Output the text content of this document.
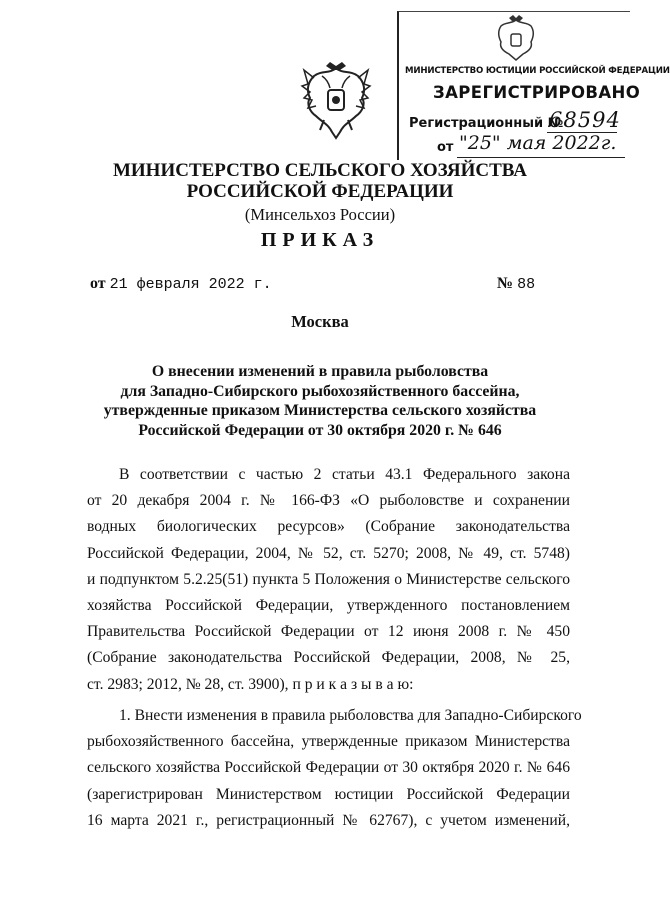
МИНИСТЕРСТВО ЮСТИЦИИ РОССИЙСКОЙ ФЕДЕРАЦИИ
ЗАРЕГИСТРИРОВАНО
Регистрационный №
68594
от "25" мая 2022г.
МИНИСТЕРСТВО СЕЛЬСКОГО ХОЗЯЙСТВА
РОССИЙСКОЙ ФЕДЕРАЦИИ
(Минсельхоз России)
ПРИКАЗ
от 21 февраля 2022 г.	№ 88
Москва
О внесении изменений в правила рыболовства
для Западно-Сибирского рыбохозяйственного бассейна,
утвержденные приказом Министерства сельского хозяйства
Российской Федерации от 30 октября 2020 г. № 646
В соответствии с частью 2 статьи 43.1 Федерального закона
от 20 декабря 2004 г. № 166-ФЗ «О рыболовстве и сохранении
водных биологических ресурсов» (Собрание законодательства
Российской Федерации, 2004, № 52, ст. 5270; 2008, № 49, ст. 5748)
и подпунктом 5.2.25(51) пункта 5 Положения о Министерстве сельского
хозяйства Российской Федерации, утвержденного постановлением
Правительства Российской Федерации от 12 июня 2008 г. № 450
(Собрание законодательства Российской Федерации, 2008, № 25,
ст. 2983; 2012, № 28, ст. 3900), п р и к а з ы в а ю:
1. Внести изменения в правила рыболовства для Западно-Сибирского
рыбохозяйственного бассейна, утвержденные приказом Министерства
сельского хозяйства Российской Федерации от 30 октября 2020 г. № 646
(зарегистрирован Министерством юстиции Российской Федерации
16 марта 2021 г., регистрационный № 62767), с учетом изменений,
